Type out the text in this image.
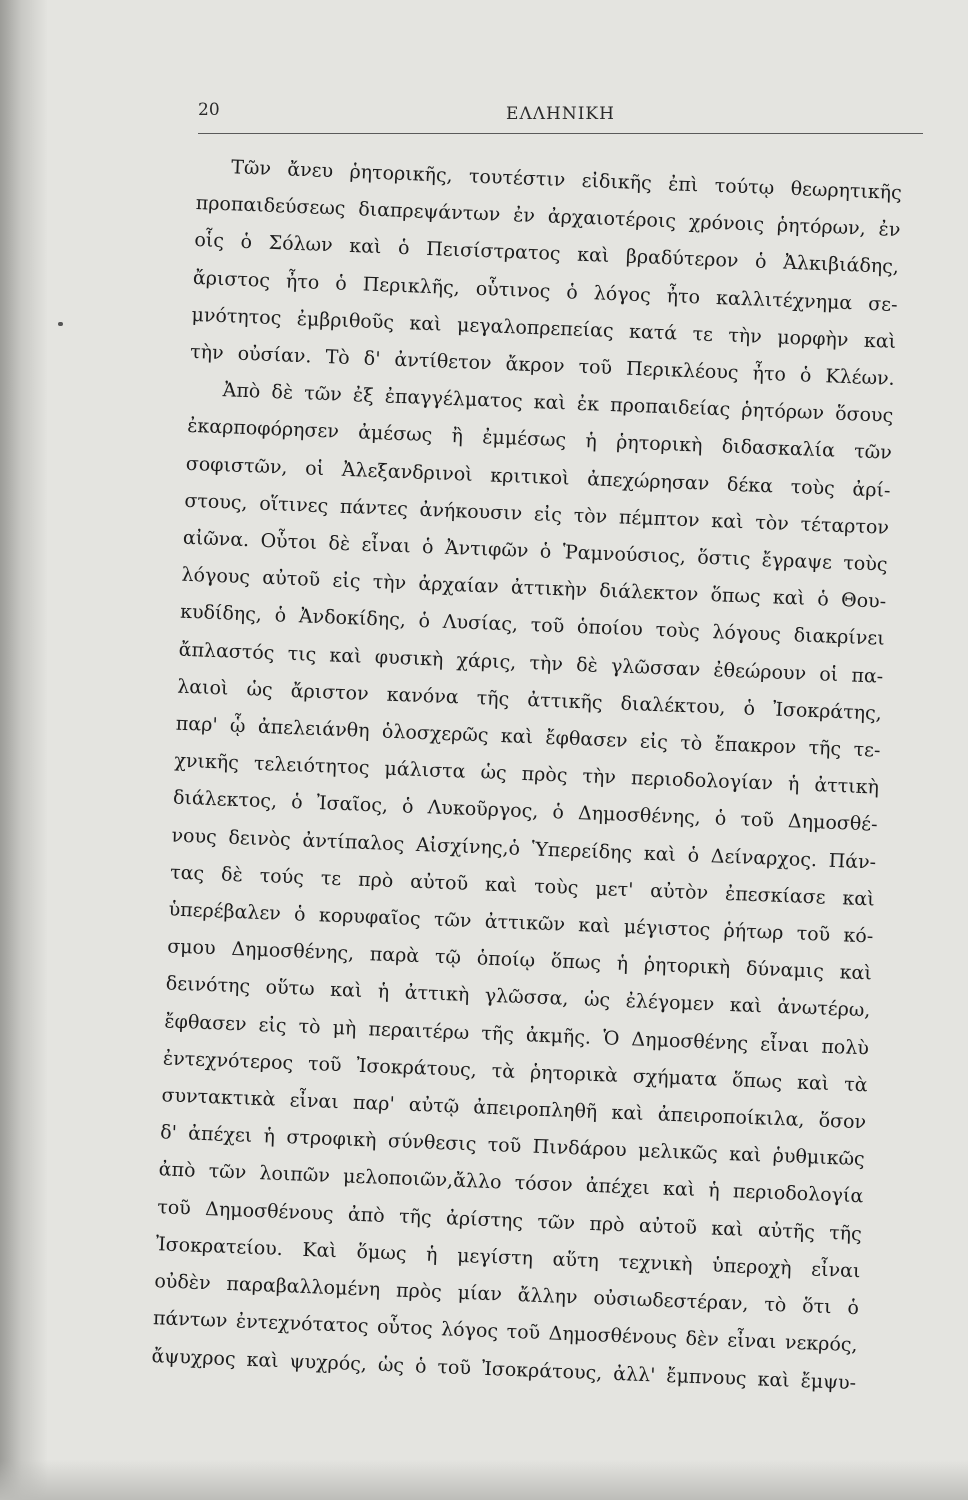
20	ΕΛΛΗΝΙΚΗ
Τῶν ἄνευ ῥητορικῆς, τουτέστιν εἰδικῆς ἐπὶ τούτῳ θεωρητικῆς
προπαιδεύσεως διαπρεψάντων ἐν ἀρχαιοτέροις χρόνοις ῥητόρων, ἐν
οἷς ὁ Σόλων καὶ ὁ Πεισίστρατος καὶ βραδύτερον ὁ Ἀλκιβιάδης,
ἄριστος ἦτο ὁ Περικλῆς, οὗτινος ὁ λόγος ἦτο καλλιτέχνημα σε-
μνότητος ἐμβριθοῦς καὶ μεγαλοπρεπείας κατά τε τὴν μορφὴν καὶ
τὴν οὐσίαν. Τὸ δ' ἀντίθετον ἄκρον τοῦ Περικλέους ἦτο ὁ Κλέων.
Ἀπὸ δὲ τῶν ἐξ ἐπαγγέλματος καὶ ἐκ προπαιδείας ῥητόρων ὅσους
ἐκαρποφόρησεν ἀμέσως ἢ ἐμμέσως ἡ ῥητορικὴ διδασκαλία τῶν
σοφιστῶν, οἱ Ἀλεξανδρινοὶ κριτικοὶ ἀπεχώρησαν δέκα τοὺς ἀρί-
στους, οἵτινες πάντες ἀνήκουσιν εἰς τὸν πέμπτον καὶ τὸν τέταρτον
αἰῶνα. Οὗτοι δὲ εἶναι ὁ Ἀντιφῶν ὁ Ῥαμνούσιος, ὅστις ἔγραψε τοὺς
λόγους αὐτοῦ εἰς τὴν ἀρχαίαν ἀττικὴν διάλεκτον ὅπως καὶ ὁ Θου-
κυδίδης, ὁ Ἀνδοκίδης, ὁ Λυσίας, τοῦ ὁποίου τοὺς λόγους διακρίνει
ἄπλαστός τις καὶ φυσικὴ χάρις, τὴν δὲ γλῶσσαν ἐθεώρουν οἱ πα-
λαιοὶ ὡς ἄριστον κανόνα τῆς ἀττικῆς διαλέκτου, ὁ Ἰσοκράτης,
παρ' ᾧ ἀπελειάνθη ὁλοσχερῶς καὶ ἔφθασεν εἰς τὸ ἔπακρον τῆς τε-
χνικῆς τελειότητος μάλιστα ὡς πρὸς τὴν περιοδολογίαν ἡ ἀττικὴ
διάλεκτος, ὁ Ἰσαῖος, ὁ Λυκοῦργος, ὁ Δημοσθένης, ὁ τοῦ Δημοσθέ-
νους δεινὸς ἀντίπαλος Αἰσχίνης,ὁ Ὑπερείδης καὶ ὁ Δείναρχος. Πάν-
τας δὲ τούς τε πρὸ αὐτοῦ καὶ τοὺς μετ' αὐτὸν ἐπεσκίασε καὶ
ὑπερέβαλεν ὁ κορυφαῖος τῶν ἀττικῶν καὶ μέγιστος ῥήτωρ τοῦ κό-
σμου Δημοσθένης, παρὰ τῷ ὁποίῳ ὅπως ἡ ῥητορικὴ δύναμις καὶ
δεινότης οὕτω καὶ ἡ ἀττικὴ γλῶσσα, ὡς ἐλέγομεν καὶ ἀνωτέρω,
ἔφθασεν εἰς τὸ μὴ περαιτέρω τῆς ἀκμῆς. Ὁ Δημοσθένης εἶναι πολὺ
ἐντεχνότερος τοῦ Ἰσοκράτους, τὰ ῥητορικὰ σχήματα ὅπως καὶ τὰ
συντακτικὰ εἶναι παρ' αὐτῷ ἀπειροπληθῆ καὶ ἀπειροποίκιλα, ὅσον
δ' ἀπέχει ἡ στροφικὴ σύνθεσις τοῦ Πινδάρου μελικῶς καὶ ῥυθμικῶς
ἀπὸ τῶν λοιπῶν μελοποιῶν,ἄλλο τόσον ἀπέχει καὶ ἡ περιοδολογία
τοῦ Δημοσθένους ἀπὸ τῆς ἀρίστης τῶν πρὸ αὐτοῦ καὶ αὐτῆς τῆς
Ἰσοκρατείου. Καὶ ὅμως ἡ μεγίστη αὕτη τεχνικὴ ὑπεροχὴ εἶναι
οὐδὲν παραβαλλομένη πρὸς μίαν ἄλλην οὐσιωδεστέραν, τὸ ὅτι ὁ
πάντων ἐντεχνότατος οὗτος λόγος τοῦ Δημοσθένους δὲν εἶναι νεκρός,
ἄψυχρος καὶ ψυχρός, ὡς ὁ τοῦ Ἰσοκράτους, ἀλλ' ἔμπνους καὶ ἔμψυ-
